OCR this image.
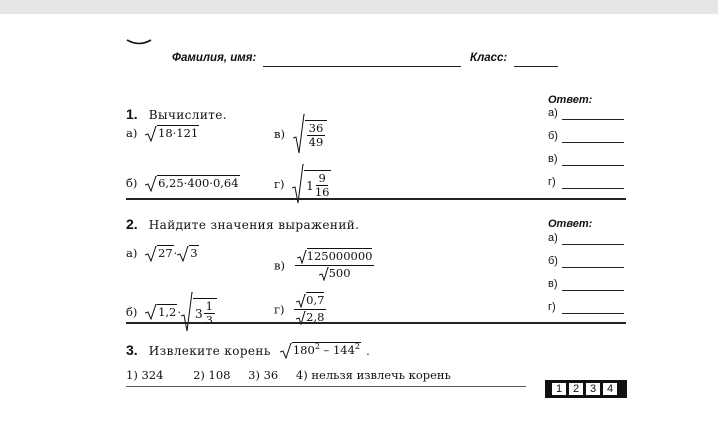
Фамилия, имя:	Класс:
1. Вычислите.
а) 18·121
б) 6,25·400·0,64
$в) \frac{36}{49}$
г) $1 \frac{9}{16}$
Ответ:
а)
б)
в)
г)
2. Найдите значения выражений.
а) 27· 3
б) $1,2\cdot 3 \frac{1}{3}$
$в) \frac{125000000}{500}$
$г) \frac{0,7}{2,8}$
Ответ:
а)
б)
в)
г)
3. Извлеките корень $180^2 - 144^2$ .
1) 324	2) 108 3) 36 4) нельзя извлечь корень
1 2 3 4
